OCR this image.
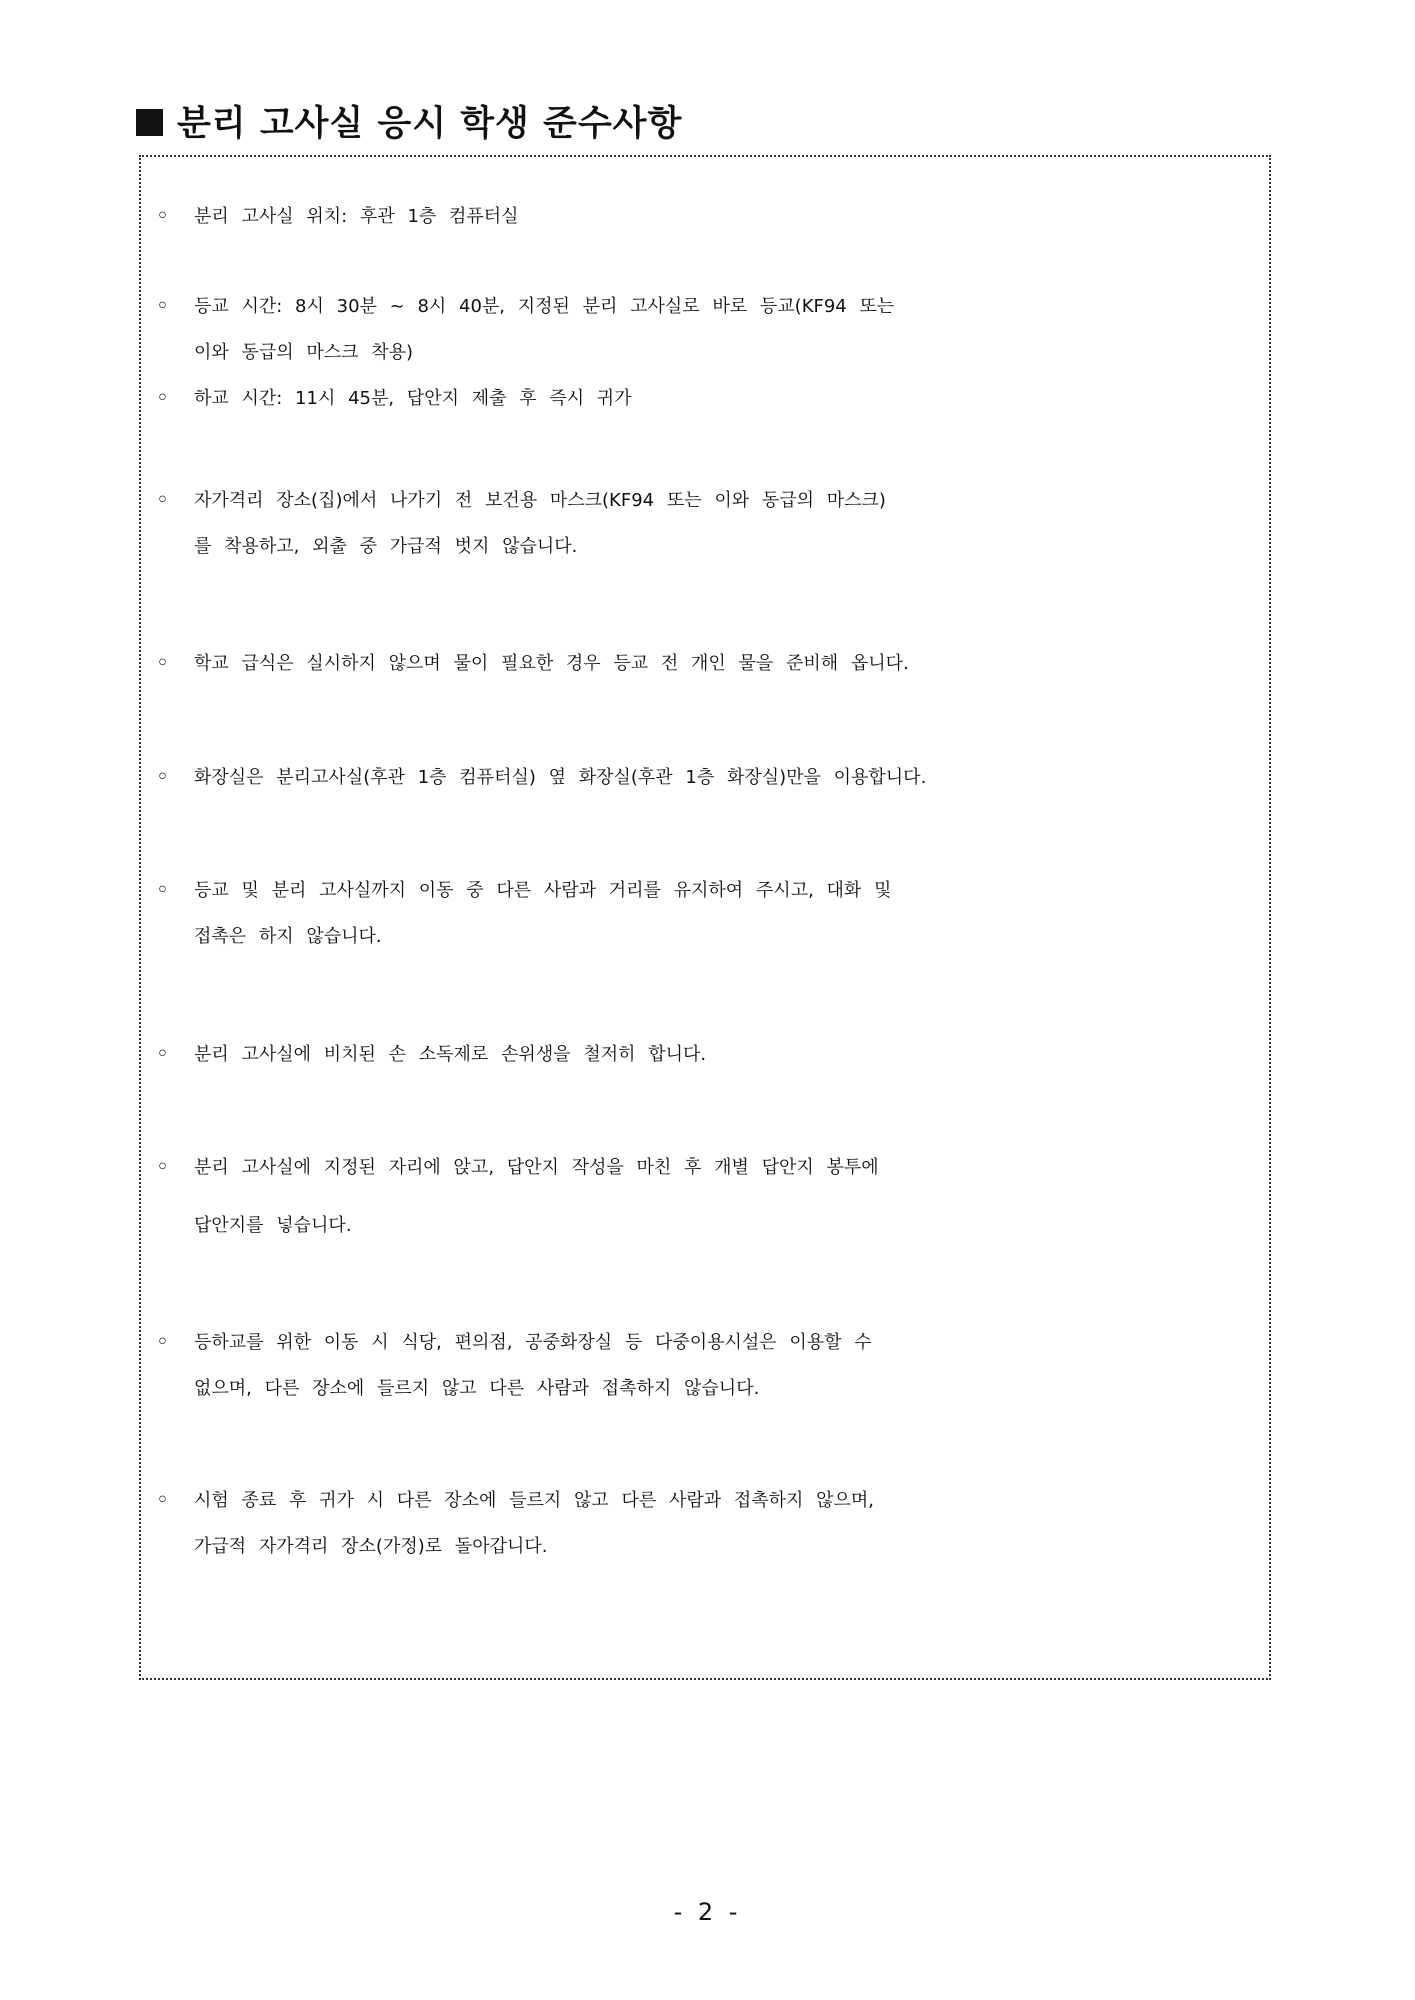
분리 고사실 응시 학생 준수사항
◦	분리 고사실 위치: 후관 1층 컴퓨터실
◦	등교 시간: 8시 30분 ~ 8시 40분, 지정된 분리 고사실로 바로 등교(KF94 또는
이와 동급의 마스크 착용)
◦	하교 시간: 11시 45분, 답안지 제출 후 즉시 귀가
◦	자가격리 장소(집)에서 나가기 전 보건용 마스크(KF94 또는 이와 동급의 마스크)
를 착용하고, 외출 중 가급적 벗지 않습니다.
◦	학교 급식은 실시하지 않으며 물이 필요한 경우 등교 전 개인 물을 준비해 옵니다.
◦	화장실은 분리고사실(후관 1층 컴퓨터실) 옆 화장실(후관 1층 화장실)만을 이용합니다.
◦	등교 및 분리 고사실까지 이동 중 다른 사람과 거리를 유지하여 주시고, 대화 및
접촉은 하지 않습니다.
◦	분리 고사실에 비치된 손 소독제로 손위생을 철저히 합니다.
◦	분리 고사실에 지정된 자리에 앉고, 답안지 작성을 마친 후 개별 답안지 봉투에
답안지를 넣습니다.
◦	등하교를 위한 이동 시 식당, 편의점, 공중화장실 등 다중이용시설은 이용할 수
없으며, 다른 장소에 들르지 않고 다른 사람과 접촉하지 않습니다.
◦	시험 종료 후 귀가 시 다른 장소에 들르지 않고 다른 사람과 접촉하지 않으며,
가급적 자가격리 장소(가정)로 돌아갑니다.
- 2 -
